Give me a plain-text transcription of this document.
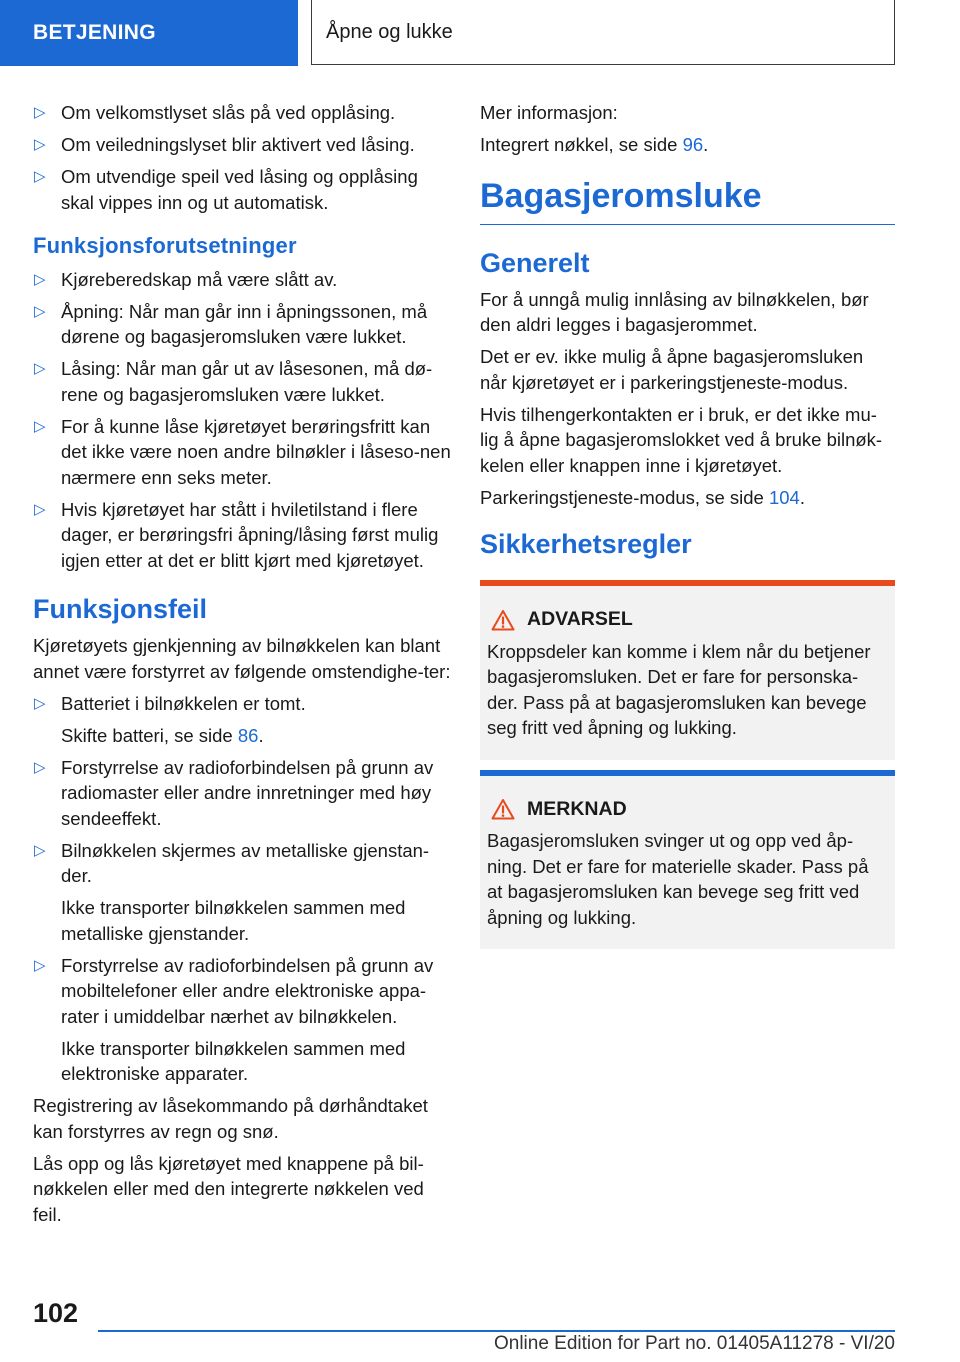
BETJENING	Åpne og lukke
▷ Om velkomstlyset slås på ved opplåsing.
▷ Om veiledningslyset blir aktivert ved låsing.
▷ Om utvendige speil ved låsing og opplåsing skal vippes inn og ut automatisk.
Funksjonsforutsetninger
▷ Kjøreberedskap må være slått av.
▷ Åpning: Når man går inn i åpningssonen, må dørene og bagasjeromsluken være lukket.
▷ Låsing: Når man går ut av låsesonen, må dø‐rene og bagasjeromsluken være lukket.
▷ For å kunne låse kjøretøyet berøringsfritt kan det ikke være noen andre bilnøkler i låseso‐nen nærmere enn seks meter.
▷ Hvis kjøretøyet har stått i hviletilstand i flere dager, er berøringsfri åpning/låsing først mulig igjen etter at det er blitt kjørt med kjøretøyet.
Funksjonsfeil

Kjøretøyets gjenkjenning av bilnøkkelen kan blant annet være forstyrret av følgende omstendighe‐ter:

▷ Batteriet i bilnøkkelen er tomt.

Skifte batteri, se side 86.

▷ Forstyrrelse av radioforbindelsen på grunn av radiomaster eller andre innretninger med høy sendeeffekt.
▷ Bilnøkkelen skjermes av metalliske gjenstan‐der.

Ikke transporter bilnøkkelen sammen med metalliske gjenstander.

▷ Forstyrrelse av radioforbindelsen på grunn av mobiltelefoner eller andre elektroniske appa‐rater i umiddelbar nærhet av bilnøkkelen.

Ikke transporter bilnøkkelen sammen med elektroniske apparater.

Registrering av låsekommando på dørhåndtaket kan forstyrres av regn og snø.

Lås opp og lås kjøretøyet med knappene på bil‐nøkkelen eller med den integrerte nøkkelen ved feil.

Mer informasjon:

Integrert nøkkel, se side 96.

Bagasjeromsluke
Generelt

For å unngå mulig innlåsing av bilnøkkelen, bør den aldri legges i bagasjerommet.

Det er ev. ikke mulig å åpne bagasjeromsluken når kjøretøyet er i parkeringstjeneste-modus.

Hvis tilhengerkontakten er i bruk, er det ikke mu‐lig å åpne bagasjeromslokket ved å bruke bilnøk‐kelen eller knappen inne i kjøretøyet.

Parkeringstjeneste-modus, se side 104.

Sikkerhetsregler
ADVARSEL

Kroppsdeler kan komme i klem når du betjener bagasjeromsluken. Det er fare for personska‐der. Pass på at bagasjeromsluken kan bevege seg fritt ved åpning og lukking.

MERKNAD

Bagasjeromsluken svinger ut og opp ved åp‐ning. Det er fare for materielle skader. Pass på at bagasjeromsluken kan bevege seg fritt ved åpning og lukking.

102
Online Edition for Part no. 01405A11278 - VI/20
